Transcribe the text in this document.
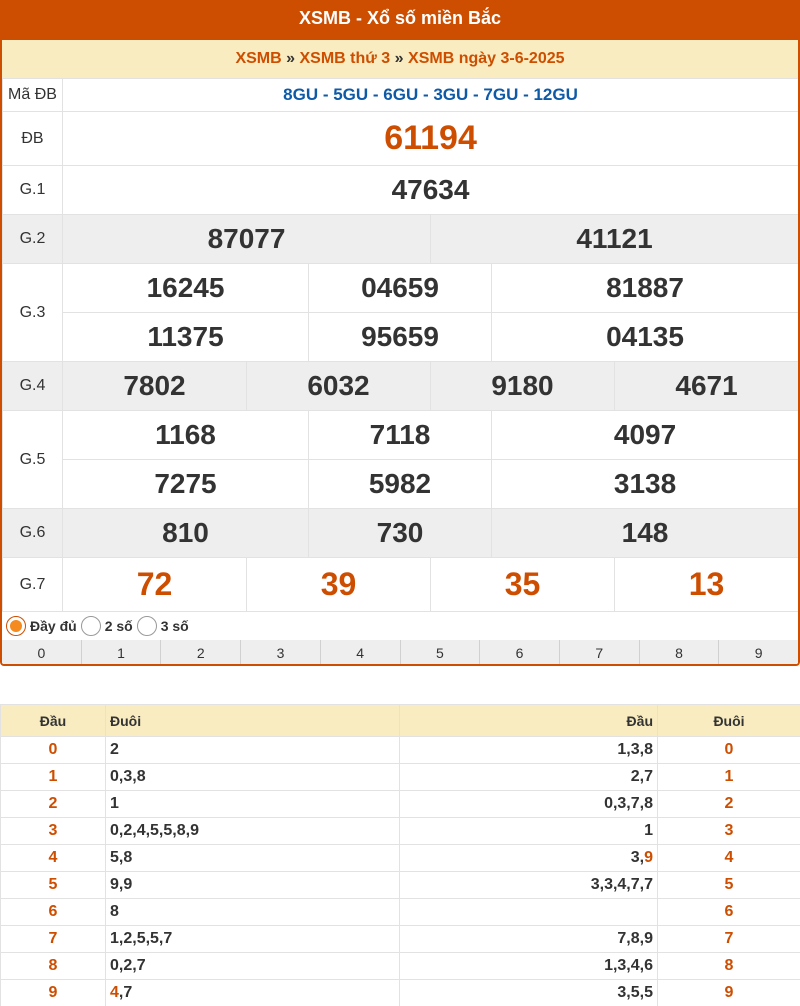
XSMB - Xổ số miền Bắc
XSMB » XSMB thứ 3 » XSMB ngày 3-6-2025
Mã ĐB	8GU - 5GU - 6GU - 3GU - 7GU - 12GU					
ĐB	61194					
G.1	47634					
G.2	87077			41121		
G.3	16245		04659		81887	
	11375		95659		04135	
G.4	7802	6032		9180		4671
G.5	1168		7118		4097	
	7275		5982		3138	
G.6	810		730		148	
G.7	72	39		35		13
Đầy đủ 2 số 3 số
0	1	2	3	4	5	6	7	8	9
Đầu	Đuôi	Đầu	Đuôi
0	2	1,3,8	0
1	0,3,8	2,7	1
2	1	0,3,7,8	2
3	0,2,4,5,5,8,9	1	3
4	5,8	3,9	4
5	9,9	3,3,4,7,7	5
6	8		6
7	1,2,5,5,7	7,8,9	7
8	0,2,7	1,3,4,6	8
9	4,7	3,5,5	9
